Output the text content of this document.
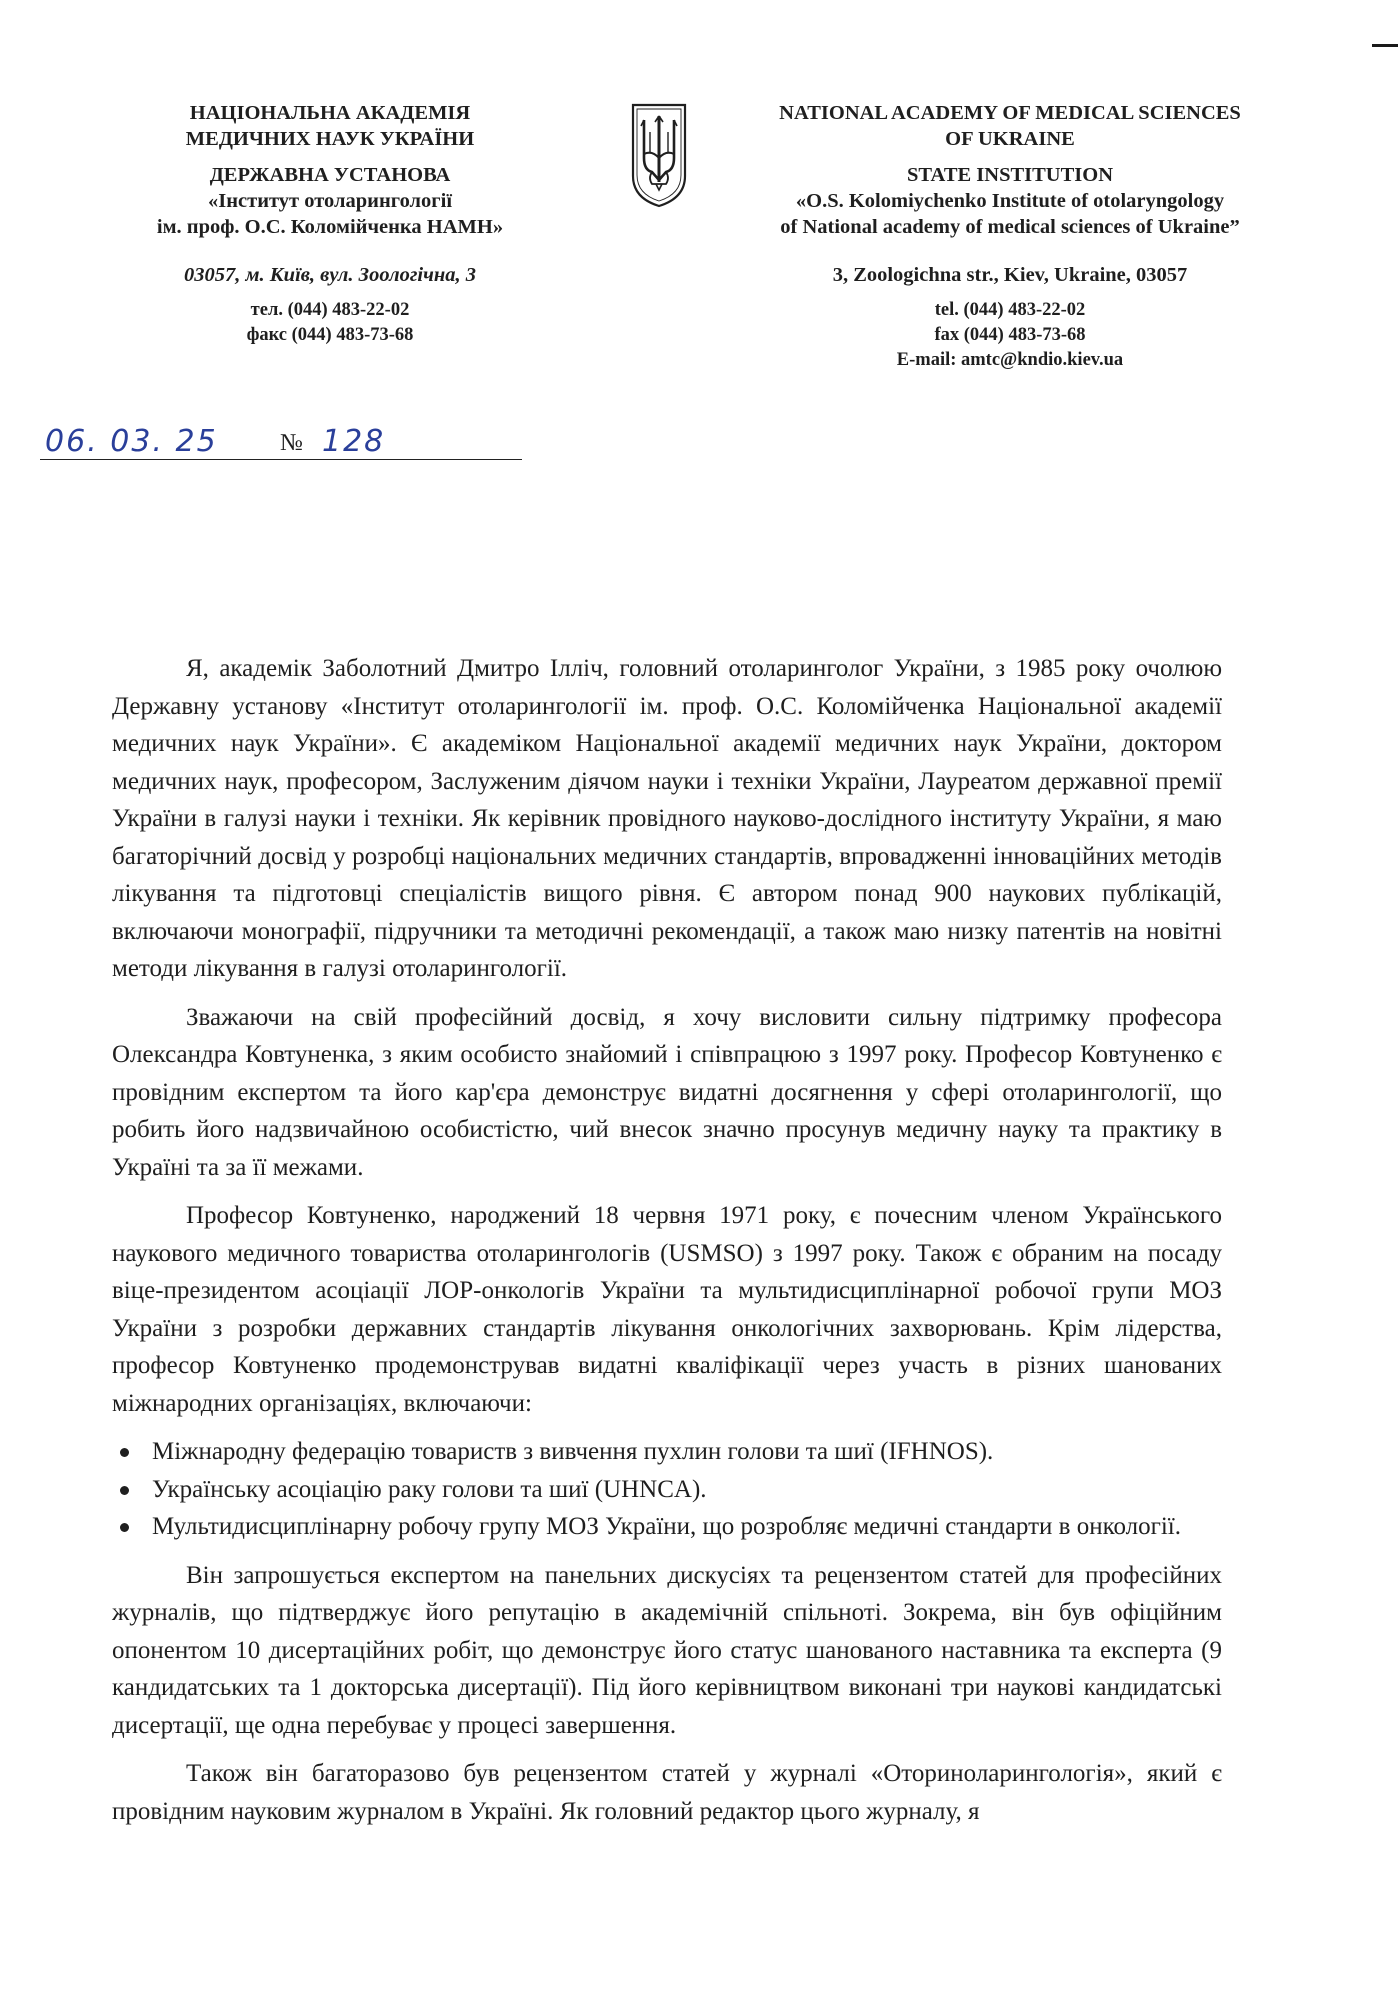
НАЦІОНАЛЬНА АКАДЕМІЯ
МЕДИЧНИХ НАУК УКРАЇНИ
ДЕРЖАВНА УСТАНОВА
«Інститут отоларингології
ім. проф. О.С. Коломійченка НАМН»
03057, м. Київ, вул. Зоологічна, 3
тел. (044) 483-22-02
факс (044) 483-73-68
NATIONAL ACADEMY OF MEDICAL SCIENCES
OF UKRAINE
STATE INSTITUTION
«O.S. Kolomiychenko Institute of otolaryngology
of National academy of medical sciences of Ukraine”
3, Zoologichna str., Kiev, Ukraine, 03057
tel. (044) 483-22-02
fax (044) 483-73-68
E-mail: amtc@kndio.kiev.ua
06. 03. 25	№ 128

Я, академік Заболотний Дмитро Ілліч, головний отоларинголог України, з 1985 року очолюю Державну установу «Інститут отоларингології ім. проф. О.С. Коломійченка Національної академії медичних наук України». Є академіком Національної академії медичних наук України, доктором медичних наук, професором, Заслуженим діячом науки і техніки України, Лауреатом державної премії України в галузі науки і техніки. Як керівник провідного науково-дослідного інституту України, я маю багаторічний досвід у розробці національних медичних стандартів, впровадженні інноваційних методів лікування та підготовці спеціалістів вищого рівня. Є автором понад 900 наукових публікацій, включаючи монографії, підручники та методичні рекомендації, а також маю низку патентів на новітні методи лікування в галузі отоларингології.

Зважаючи на свій професійний досвід, я хочу висловити сильну підтримку професора Олександра Ковтуненка, з яким особисто знайомий і співпрацюю з 1997 року. Професор Ковтуненко є провідним експертом та його кар'єра демонструє видатні досягнення у сфері отоларингології, що робить його надзвичайною особистістю, чий внесок значно просунув медичну науку та практику в Україні та за її межами.

Професор Ковтуненко, народжений 18 червня 1971 року, є почесним членом Українського наукового медичного товариства отоларингологів (USMSO) з 1997 року. Також є обраним на посаду віце-президентом асоціації ЛОР-онкологів України та мультидисциплінарної робочої групи МОЗ України з розробки державних стандартів лікування онкологічних захворювань. Крім лідерства, професор Ковтуненко продемонстрував видатні кваліфікації через участь в різних шанованих міжнародних організаціях, включаючи:

Міжнародну федерацію товариств з вивчення пухлин голови та шиї (IFHNOS).
Українську асоціацію раку голови та шиї (UHNCA).
Мультидисциплінарну робочу групу МОЗ України, що розробляє медичні стандарти в онкології.

Він запрошується експертом на панельних дискусіях та рецензентом статей для професійних журналів, що підтверджує його репутацію в академічній спільноті. Зокрема, він був офіційним опонентом 10 дисертаційних робіт, що демонструє його статус шанованого наставника та експерта (9 кандидатських та 1 докторська дисертації). Під його керівництвом виконані три наукові кандидатські дисертації, ще одна перебуває у процесі завершення.

Також він багаторазово був рецензентом статей у журналі «Оториноларингологія», який є провідним науковим журналом в Україні. Як головний редактор цього журналу, я
